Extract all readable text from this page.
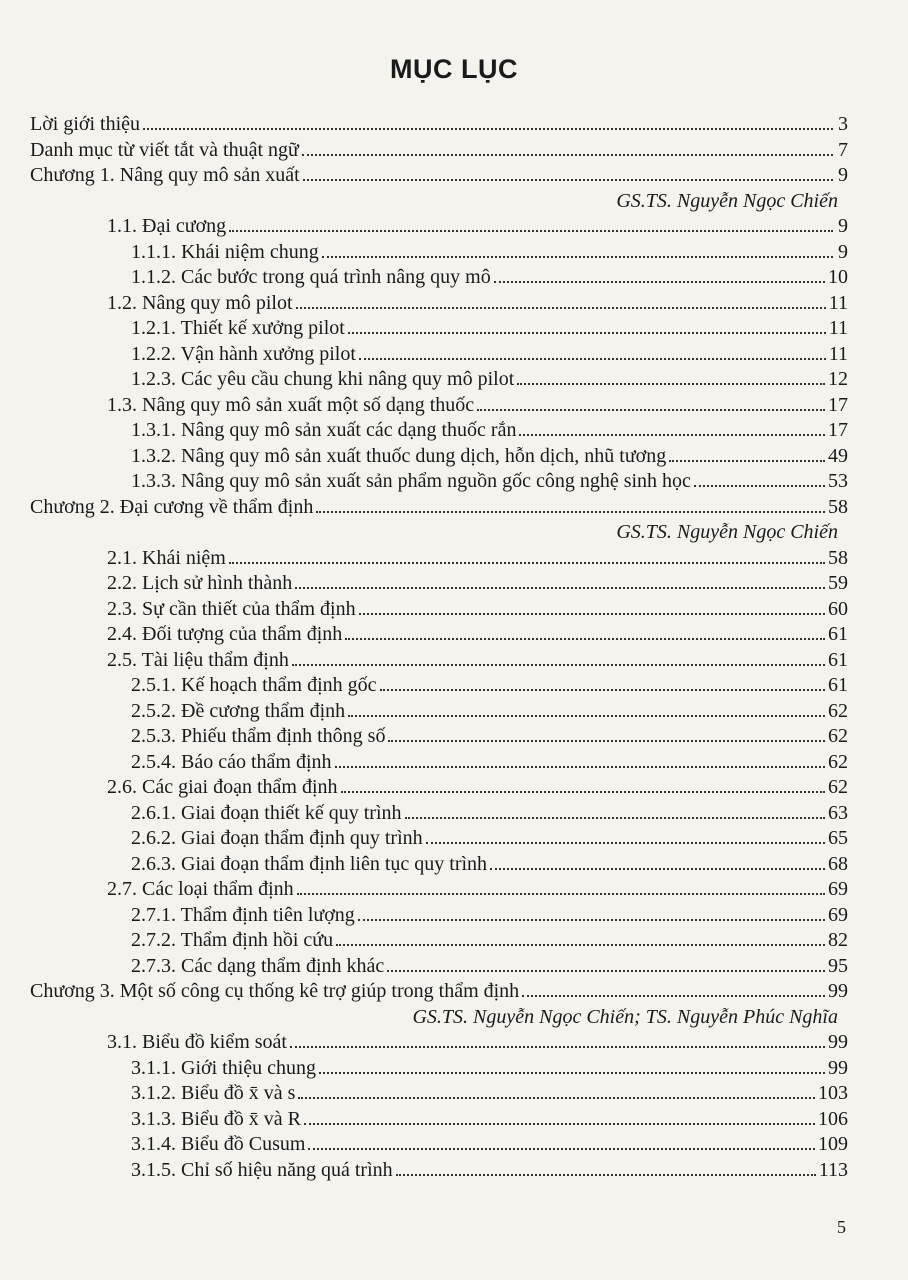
MỤC LỤC
Lời giới thiệu	3
Danh mục từ viết tắt và thuật ngữ	7
Chương 1. Nâng quy mô sản xuất	9
GS.TS. Nguyễn Ngọc Chiến
1.1. Đại cương	9
1.1.1. Khái niệm chung	9
1.1.2. Các bước trong quá trình nâng quy mô	10
1.2. Nâng quy mô pilot	11
1.2.1. Thiết kế xưởng pilot	11
1.2.2. Vận hành xưởng pilot	11
1.2.3. Các yêu cầu chung khi nâng quy mô pilot	12
1.3. Nâng quy mô sản xuất một số dạng thuốc	17
1.3.1. Nâng quy mô sản xuất các dạng thuốc rắn	17
1.3.2. Nâng quy mô sản xuất thuốc dung dịch, hỗn dịch, nhũ tương	49
1.3.3. Nâng quy mô sản xuất sản phẩm nguồn gốc công nghệ sinh học	53
Chương 2. Đại cương về thẩm định	58
GS.TS. Nguyễn Ngọc Chiến
2.1. Khái niệm	58
2.2. Lịch sử hình thành	59
2.3. Sự cần thiết của thẩm định	60
2.4. Đối tượng của thẩm định	61
2.5. Tài liệu thẩm định	61
2.5.1. Kế hoạch thẩm định gốc	61
2.5.2. Đề cương thẩm định	62
2.5.3. Phiếu thẩm định thông số	62
2.5.4. Báo cáo thẩm định	62
2.6. Các giai đoạn thẩm định	62
2.6.1. Giai đoạn thiết kế quy trình	63
2.6.2. Giai đoạn thẩm định quy trình	65
2.6.3. Giai đoạn thẩm định liên tục quy trình	68
2.7. Các loại thẩm định	69
2.7.1. Thẩm định tiên lượng	69
2.7.2. Thẩm định hồi cứu	82
2.7.3. Các dạng thẩm định khác	95
Chương 3. Một số công cụ thống kê trợ giúp trong thẩm định	99
GS.TS. Nguyễn Ngọc Chiến; TS. Nguyễn Phúc Nghĩa
3.1. Biểu đồ kiểm soát	99
3.1.1. Giới thiệu chung	99
3.1.2. Biểu đồ x̄ và s	103
3.1.3. Biểu đồ x̄ và R	106
3.1.4. Biểu đồ Cusum	109
3.1.5. Chỉ số hiệu năng quá trình	113
5
